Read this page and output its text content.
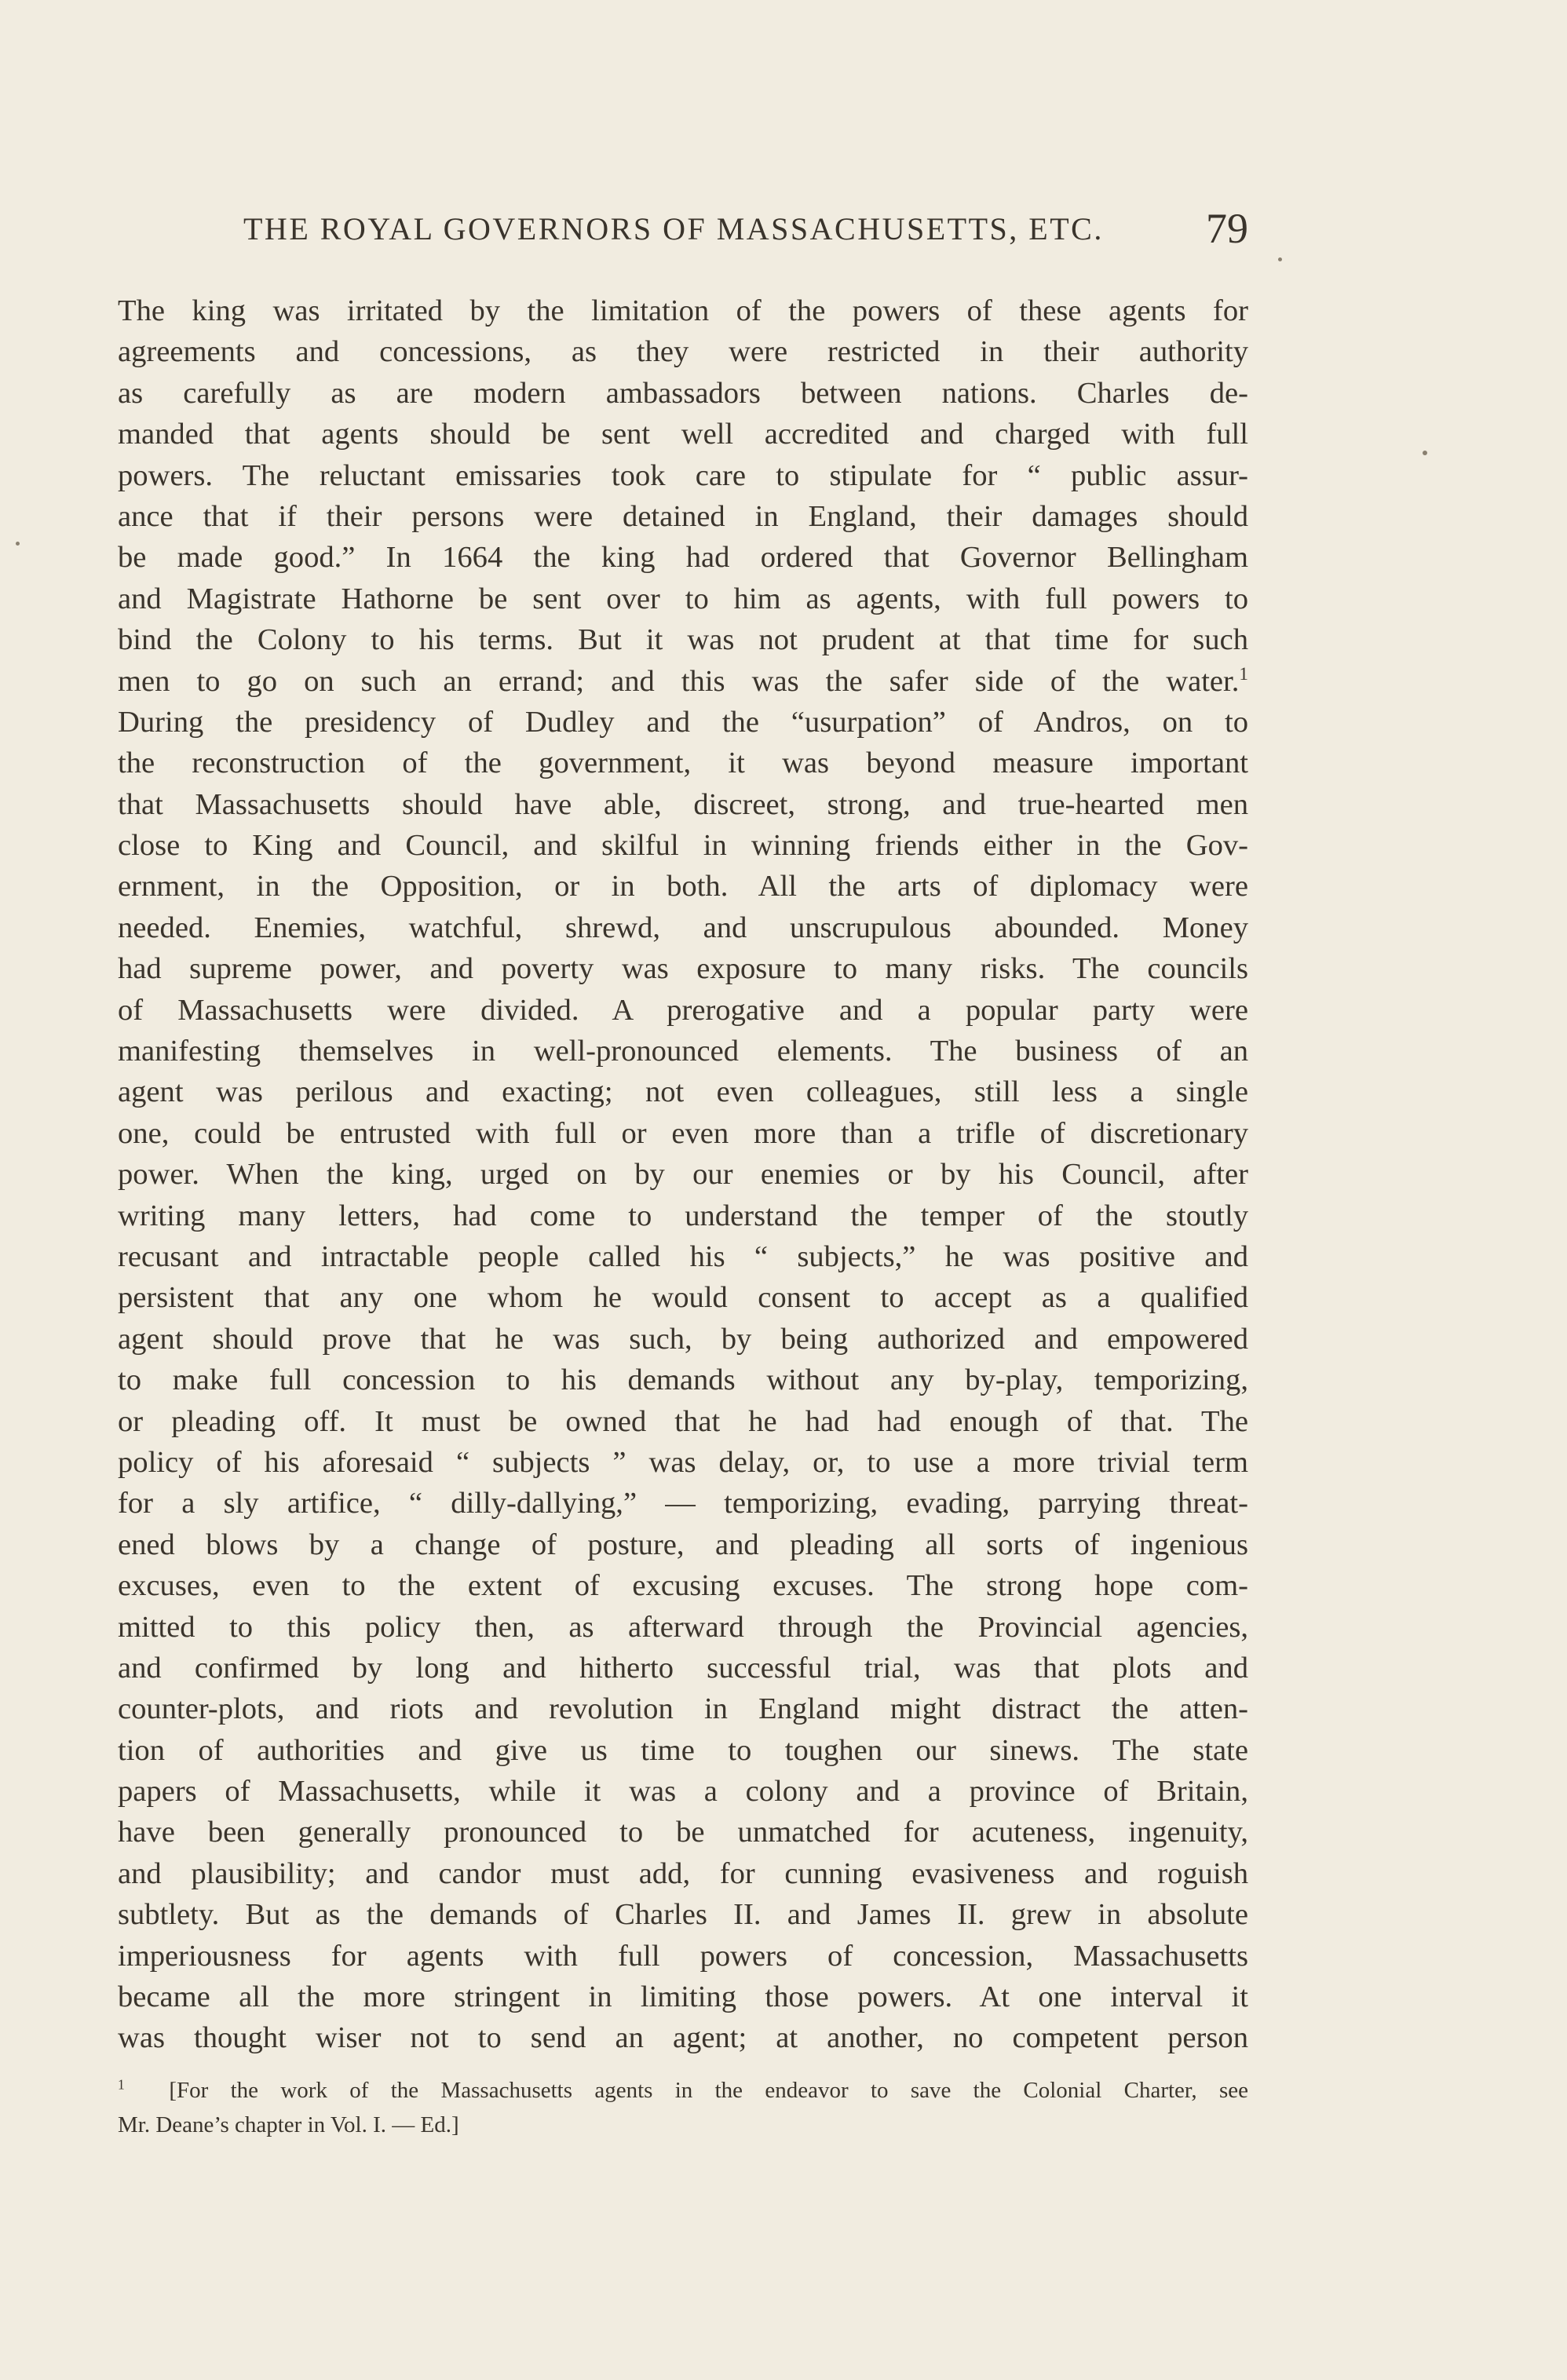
THE ROYAL GOVERNORS OF MASSACHUSETTS, ETC. 79

The king was irritated by the limitation of the powers of these agents for

agreements and concessions, as they were restricted in their authority

as carefully as are modern ambassadors between nations. Charles de-

manded that agents should be sent well accredited and charged with full

powers. The reluctant emissaries took care to stipulate for “ public assur-

ance that if their persons were detained in England, their damages should

be made good.” In 1664 the king had ordered that Governor Bellingham

and Magistrate Hathorne be sent over to him as agents, with full powers to

bind the Colony to his terms. But it was not prudent at that time for such

men to go on such an errand; and this was the safer side of the water.$^1$

During the presidency of Dudley and the “usurpation” of Andros, on to

the reconstruction of the government, it was beyond measure important

that Massachusetts should have able, discreet, strong, and true-hearted men

close to King and Council, and skilful in winning friends either in the Gov-

ernment, in the Opposition, or in both. All the arts of diplomacy were

needed. Enemies, watchful, shrewd, and unscrupulous abounded. Money

had supreme power, and poverty was exposure to many risks. The councils

of Massachusetts were divided. A prerogative and a popular party were

manifesting themselves in well-pronounced elements. The business of an

agent was perilous and exacting; not even colleagues, still less a single

one, could be entrusted with full or even more than a trifle of discretionary

power. When the king, urged on by our enemies or by his Council, after

writing many letters, had come to understand the temper of the stoutly

recusant and intractable people called his “ subjects,” he was positive and

persistent that any one whom he would consent to accept as a qualified

agent should prove that he was such, by being authorized and empowered

to make full concession to his demands without any by-play, temporizing,

or pleading off. It must be owned that he had had enough of that. The

policy of his aforesaid “ subjects ” was delay, or, to use a more trivial term

for a sly artifice, “ dilly-dallying,” — temporizing, evading, parrying threat-

ened blows by a change of posture, and pleading all sorts of ingenious

excuses, even to the extent of excusing excuses. The strong hope com-

mitted to this policy then, as afterward through the Provincial agencies,

and confirmed by long and hitherto successful trial, was that plots and

counter-plots, and riots and revolution in England might distract the atten-

tion of authorities and give us time to toughen our sinews. The state

papers of Massachusetts, while it was a colony and a province of Britain,

have been generally pronounced to be unmatched for acuteness, ingenuity,

and plausibility; and candor must add, for cunning evasiveness and roguish

subtlety. But as the demands of Charles II. and James II. grew in absolute

imperiousness for agents with full powers of concession, Massachusetts

became all the more stringent in limiting those powers. At one interval it

was thought wiser not to send an agent; at another, no competent person

$^1$ [For the work of the Massachusetts agents in the endeavor to save the Colonial Charter, see

Mr. Deane’s chapter in Vol. I. — Ed.]
